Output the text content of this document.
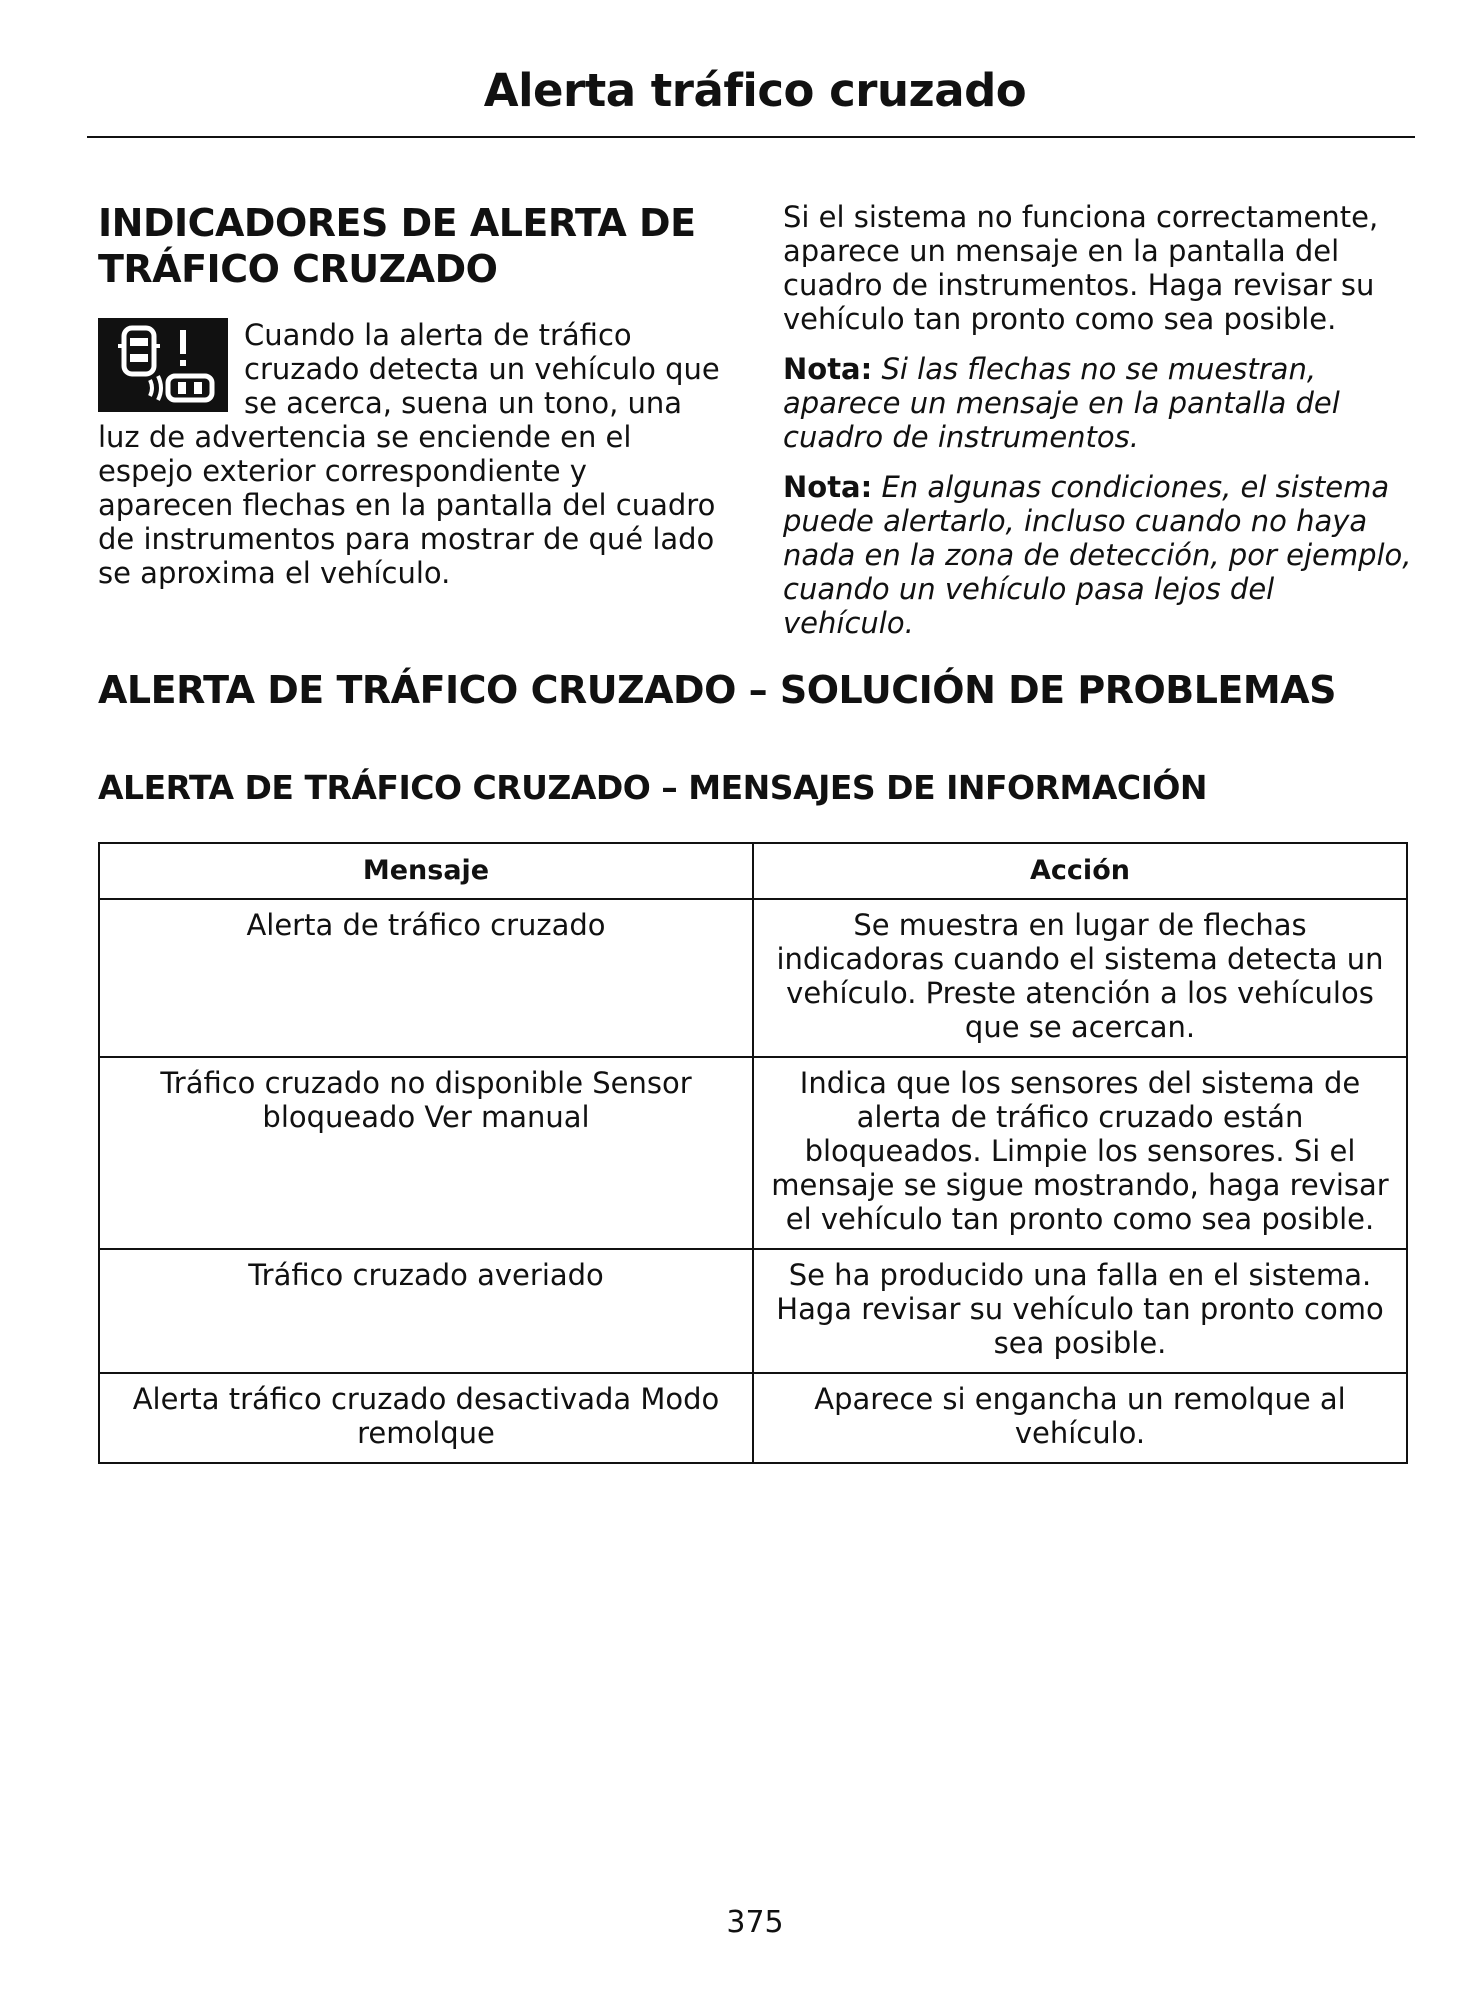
Alerta tráfico cruzado
INDICADORES DE ALERTA DE
TRÁFICO CRUZADO

Cuando la alerta de tráfico cruzado detecta un vehículo que se acerca, suena un tono, una luz de advertencia se enciende en el espejo exterior correspondiente y aparecen flechas en la pantalla del cuadro de instrumentos para mostrar de qué lado se aproxima el vehículo.

Si el sistema no funciona correctamente, aparece un mensaje en la pantalla del cuadro de instrumentos. Haga revisar su vehículo tan pronto como sea posible.

Nota: Si las flechas no se muestran, aparece un mensaje en la pantalla del cuadro de instrumentos.

Nota: En algunas condiciones, el sistema puede alertarlo, incluso cuando no haya nada en la zona de detección, por ejemplo, cuando un vehículo pasa lejos del vehículo.

ALERTA DE TRÁFICO CRUZADO – SOLUCIÓN DE PROBLEMAS
ALERTA DE TRÁFICO CRUZADO – MENSAJES DE INFORMACIÓN
Mensaje	Acción
Alerta de tráfico cruzado	Se muestra en lugar de flechas indicadoras cuando el sistema detecta un vehículo. Preste atención a los vehículos que se acercan.
Tráfico cruzado no disponible Sensor bloqueado Ver manual	Indica que los sensores del sistema de alerta de tráfico cruzado están bloqueados. Limpie los sensores. Si el mensaje se sigue mostrando, haga revisar el vehículo tan pronto como sea posible.
Tráfico cruzado averiado	Se ha producido una falla en el sistema. Haga revisar su vehículo tan pronto como sea posible.
Alerta tráfico cruzado desactivada Modo remolque	Aparece si engancha un remolque al vehículo.
375
